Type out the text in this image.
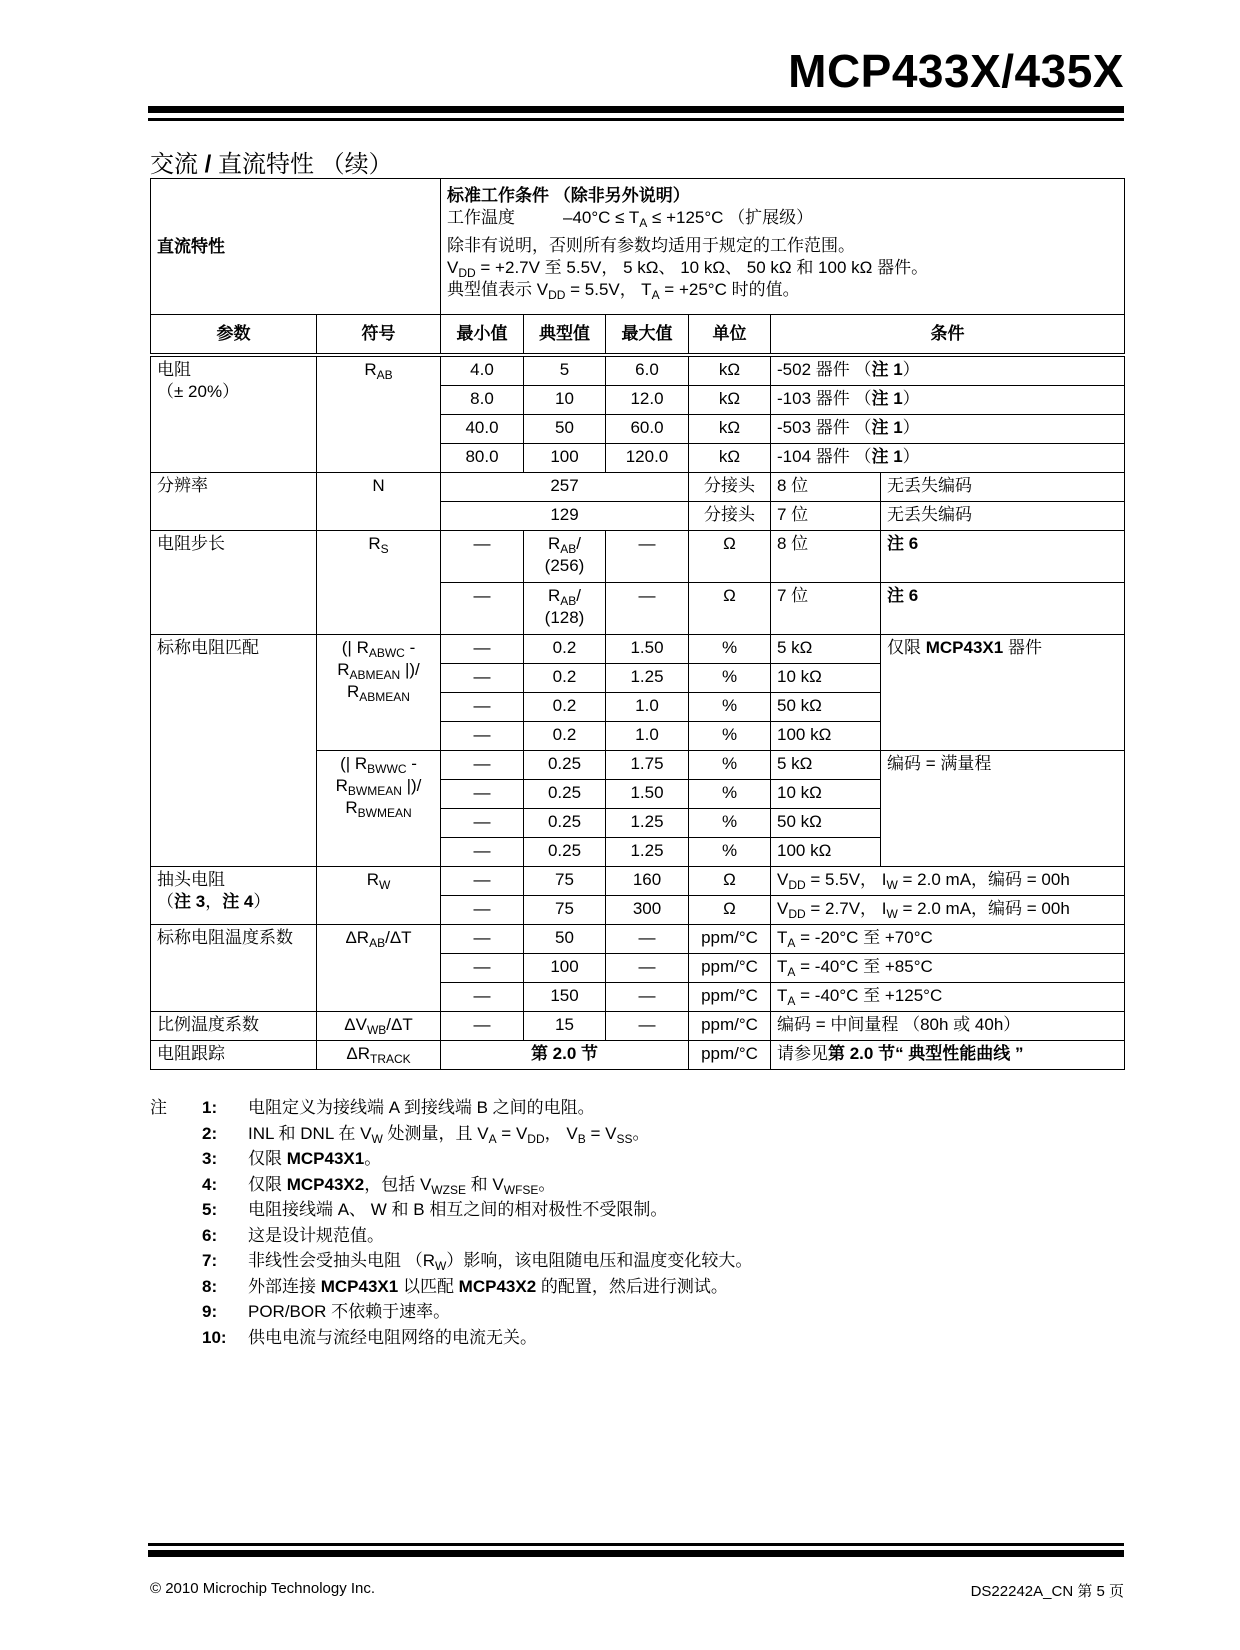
MCP433X/435X
交流 / 直流特性 （续）
直流特性		标准工作条件 （除非另外说明）
工作温度 $-40^\circ C \le T_A \le +125^\circ C$ （扩展级）
除非有说明，否则所有参数均适用于规定的工作范围。
$V_{DD} = +2.7V$ 至 5.5V， 5 kΩ、 10 kΩ、 50 kΩ 和 100 kΩ 器件。
典型值表示 $V_{DD} = 5.5V$， $T_A = +25^\circ C$ 时的值。					

参数	符号	最小值	典型值	最大值	单位	条件	

电阻
（± 20%）	$R_{AB}$	4.0	5	6.0	kΩ	-502 器件 （注 1）	
		8.0	10	12.0	kΩ	-103 器件 （注 1）	
		40.0	50	60.0	kΩ	-503 器件 （注 1）	
		80.0	100	120.0	kΩ	-104 器件 （注 1）	
分辨率	N	257			分接头	8 位	无丢失编码
		129			分接头	7 位	无丢失编码
电阻步长	$R_S$	—	$R_{AB}/$
(256)	—	Ω	8 位	注 6
		—	$R_{AB}/$
(128)	—	Ω	7 位	注 6
标称电阻匹配	(| $R_{ABWC}$ -
$R_{ABMEAN}$ |)/
$R_{ABMEAN}$	—	0.2	1.50	%	5 kΩ	仅限 MCP43X1 器件
		—	0.2	1.25	%	10 kΩ	
		—	0.2	1.0	%	50 kΩ	
		—	0.2	1.0	%	100 kΩ	
	(| $R_{BWWC}$ -
$R_{BWMEAN}$ |)/
$R_{BWMEAN}$	—	0.25	1.75	%	5 kΩ	编码 = 满量程
		—	0.25	1.50	%	10 kΩ	
		—	0.25	1.25	%	50 kΩ	
		—	0.25	1.25	%	100 kΩ	

抽头电阻
（注 3，注 4）	$R_W$	—	75	160	Ω	$V_{DD} = 5.5V$， $I_W = 2.0$ mA，编码 = 00h	
		—	75	300	Ω	$V_{DD} = 2.7V$， $I_W = 2.0$ mA，编码 = 00h	
标称电阻温度系数	$\Delta R_{AB}/\Delta T$	—	50	—	ppm/°C	$T_A = -20^\circ C$ 至 +70°C	
		—	100	—	ppm/°C	$T_A = -40^\circ C$ 至 +85°C	
		—	150	—	ppm/°C	$T_A = -40^\circ C$ 至 +125°C	
比例温度系数	$\Delta V_{WB}/\Delta T$	—	15	—	ppm/°C	编码 = 中间量程 （80h 或 40h）	
电阻跟踪	$\Delta R_{TRACK}$	第 2.0 节			ppm/°C	请参见第 2.0 节“ 典型性能曲线 ”	
注 1:	电阻定义为接线端 A 到接线端 B 之间的电阻。
2:	INL 和 DNL 在 $V_W$ 处测量，且 $V_A = V_{DD}$， $V_B = V_{SS}$。
3:	仅限 MCP43X1。
4:	仅限 MCP43X2，包括 $V_{WZSE}$ 和 $V_{WFSE}$。
5:	电阻接线端 A、 W 和 B 相互之间的相对极性不受限制。
6:	这是设计规范值。
7:	非线性会受抽头电阻 $(R_W)$影响，该电阻随电压和温度变化较大。
8:	外部连接 MCP43X1 以匹配 MCP43X2 的配置，然后进行测试。
9:	POR/BOR 不依赖于速率。
10:	供电电流与流经电阻网络的电流无关。
© 2010 Microchip Technology Inc.	DS22242A_CN 第 5 页
